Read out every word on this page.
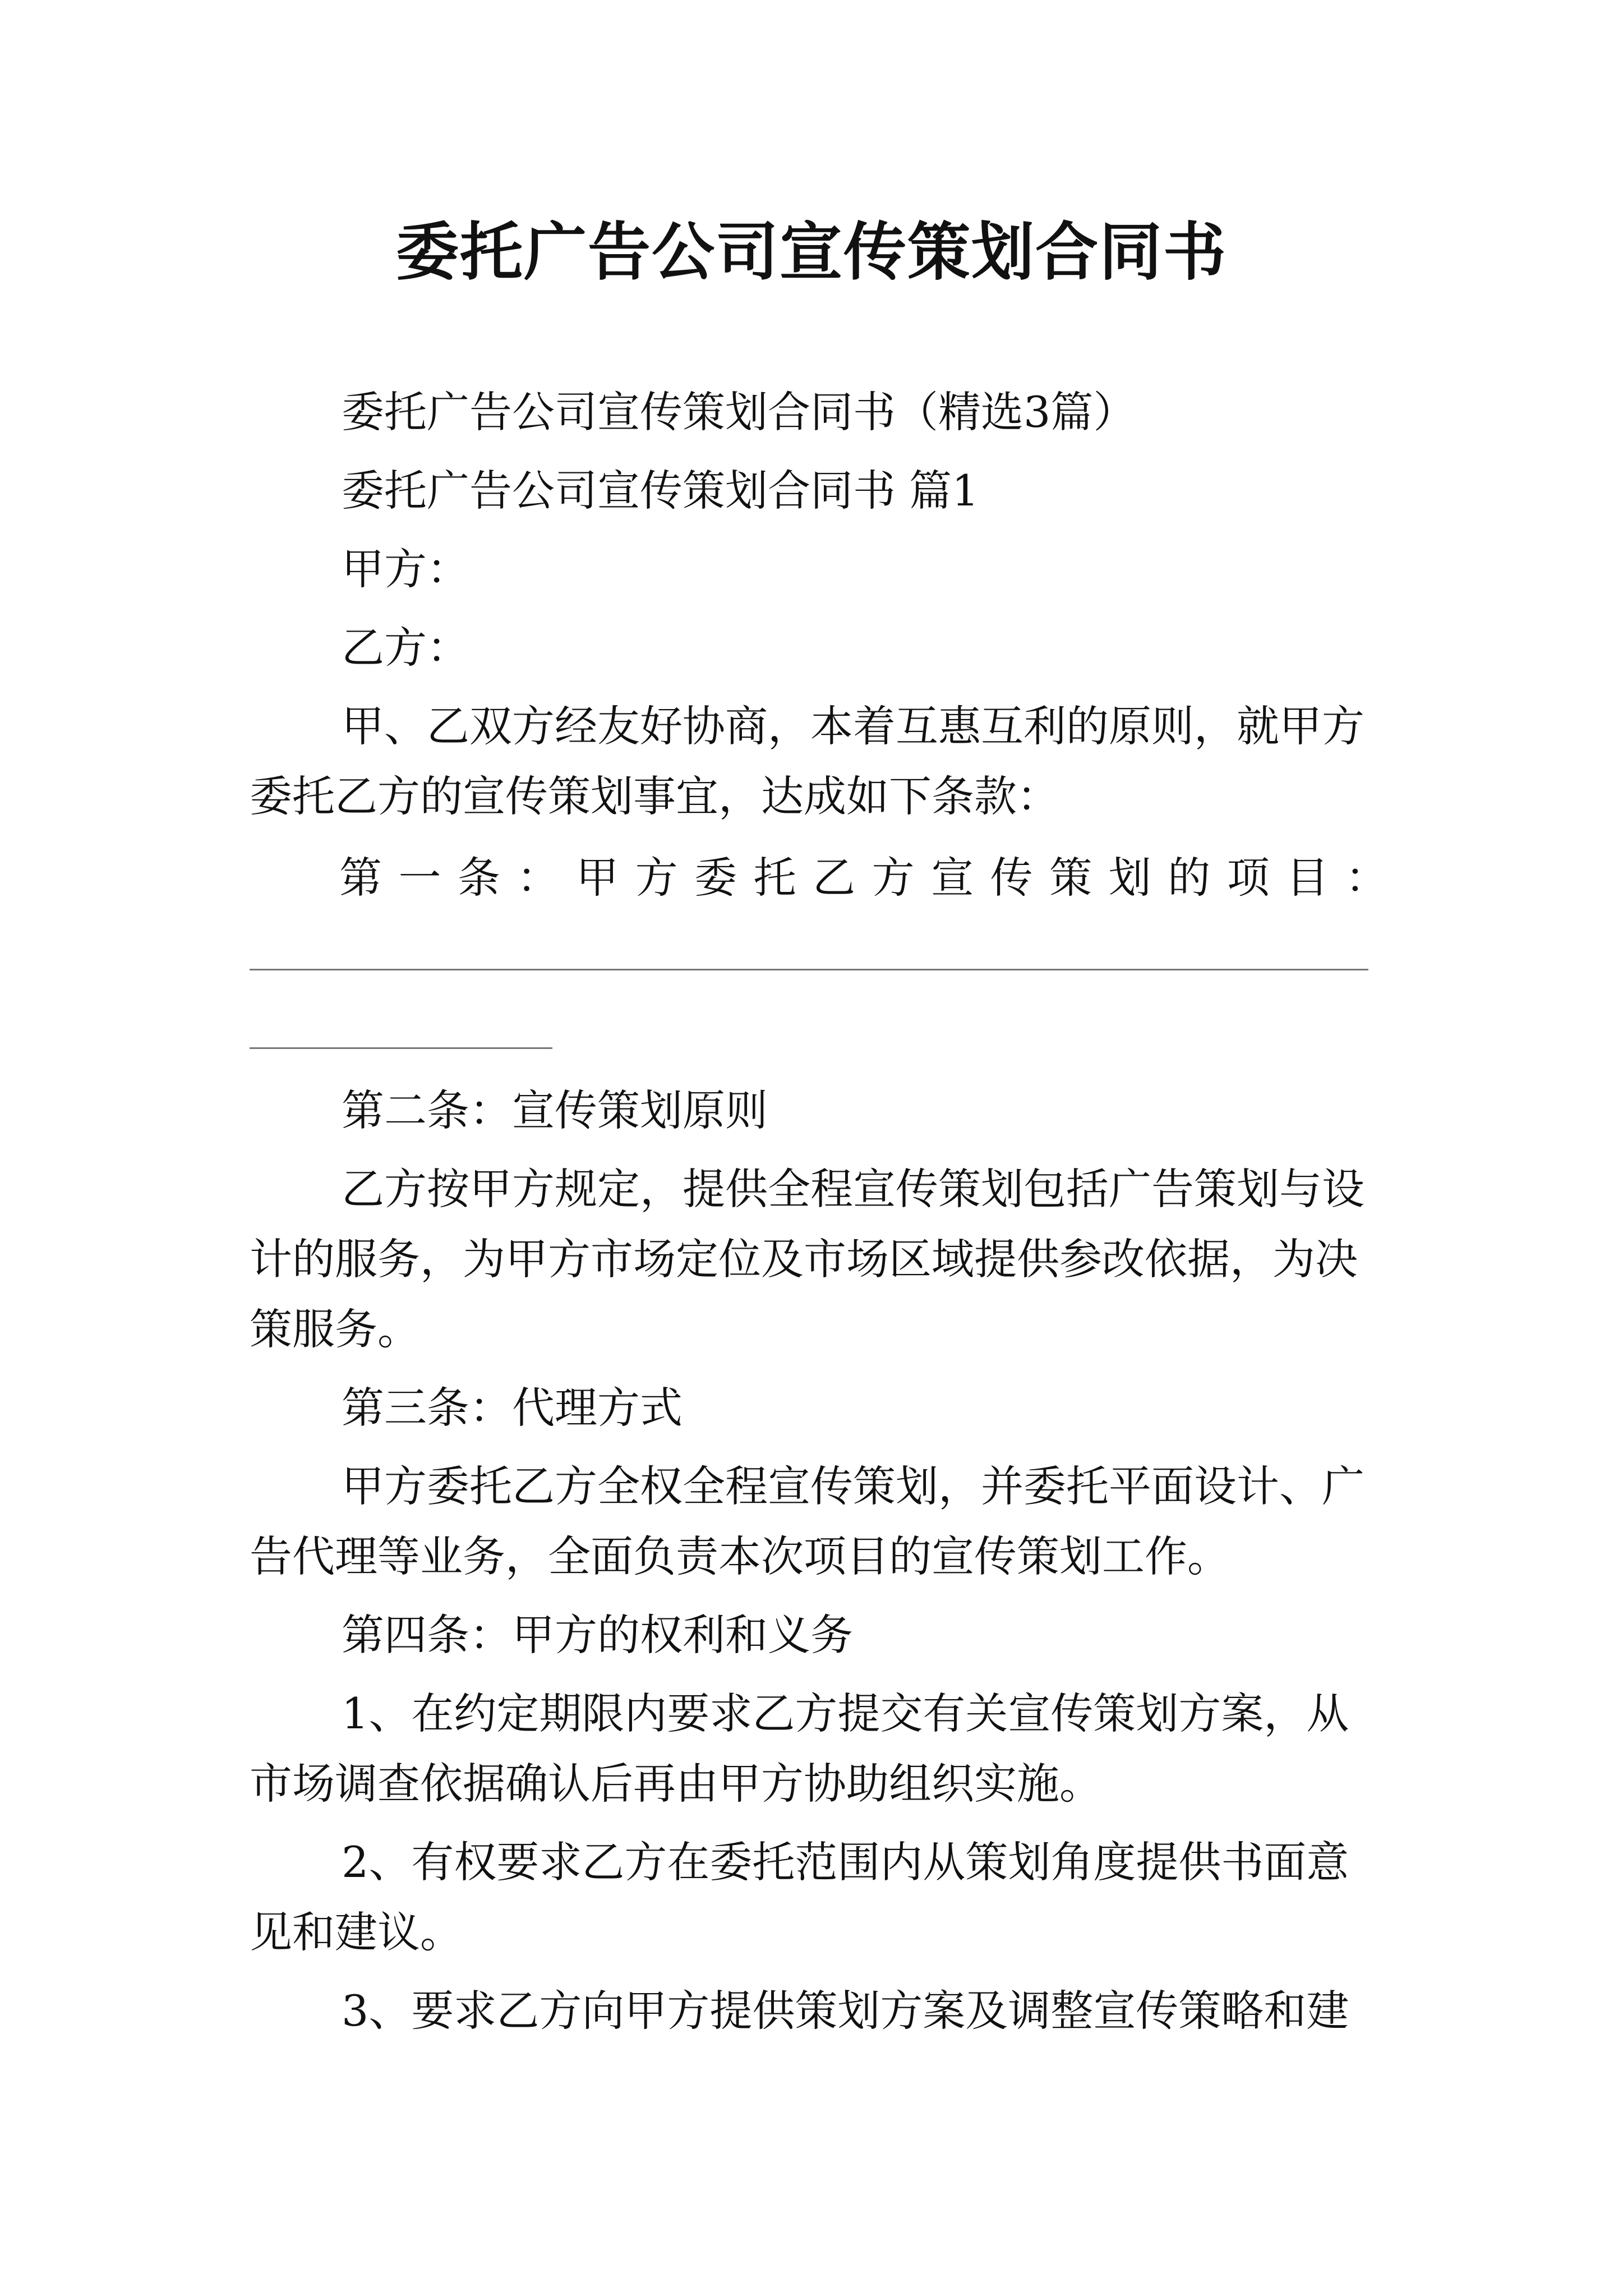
委托广告公司宣传策划合同书
委托广告公司宣传策划合同书（精选3篇）
委托广告公司宣传策划合同书 篇1
甲方：
乙方：
甲、乙双方经友好协商，本着互惠互利的原则，就甲方
委托乙方的宣传策划事宜，达成如下条款：
第 一 条 ： 甲 方 委 托 乙 方 宣 传 策 划 的 项 目 ：
第二条：宣传策划原则
乙方按甲方规定，提供全程宣传策划包括广告策划与设
计的服务，为甲方市场定位及市场区域提供参改依据，为决
策服务。
第三条：代理方式
甲方委托乙方全权全程宣传策划，并委托平面设计、广
告代理等业务，全面负责本次项目的宣传策划工作。
第四条：甲方的权利和义务
1、在约定期限内要求乙方提交有关宣传策划方案，从
市场调查依据确认后再由甲方协助组织实施。
2、有权要求乙方在委托范围内从策划角度提供书面意
见和建议。
3、要求乙方向甲方提供策划方案及调整宣传策略和建
